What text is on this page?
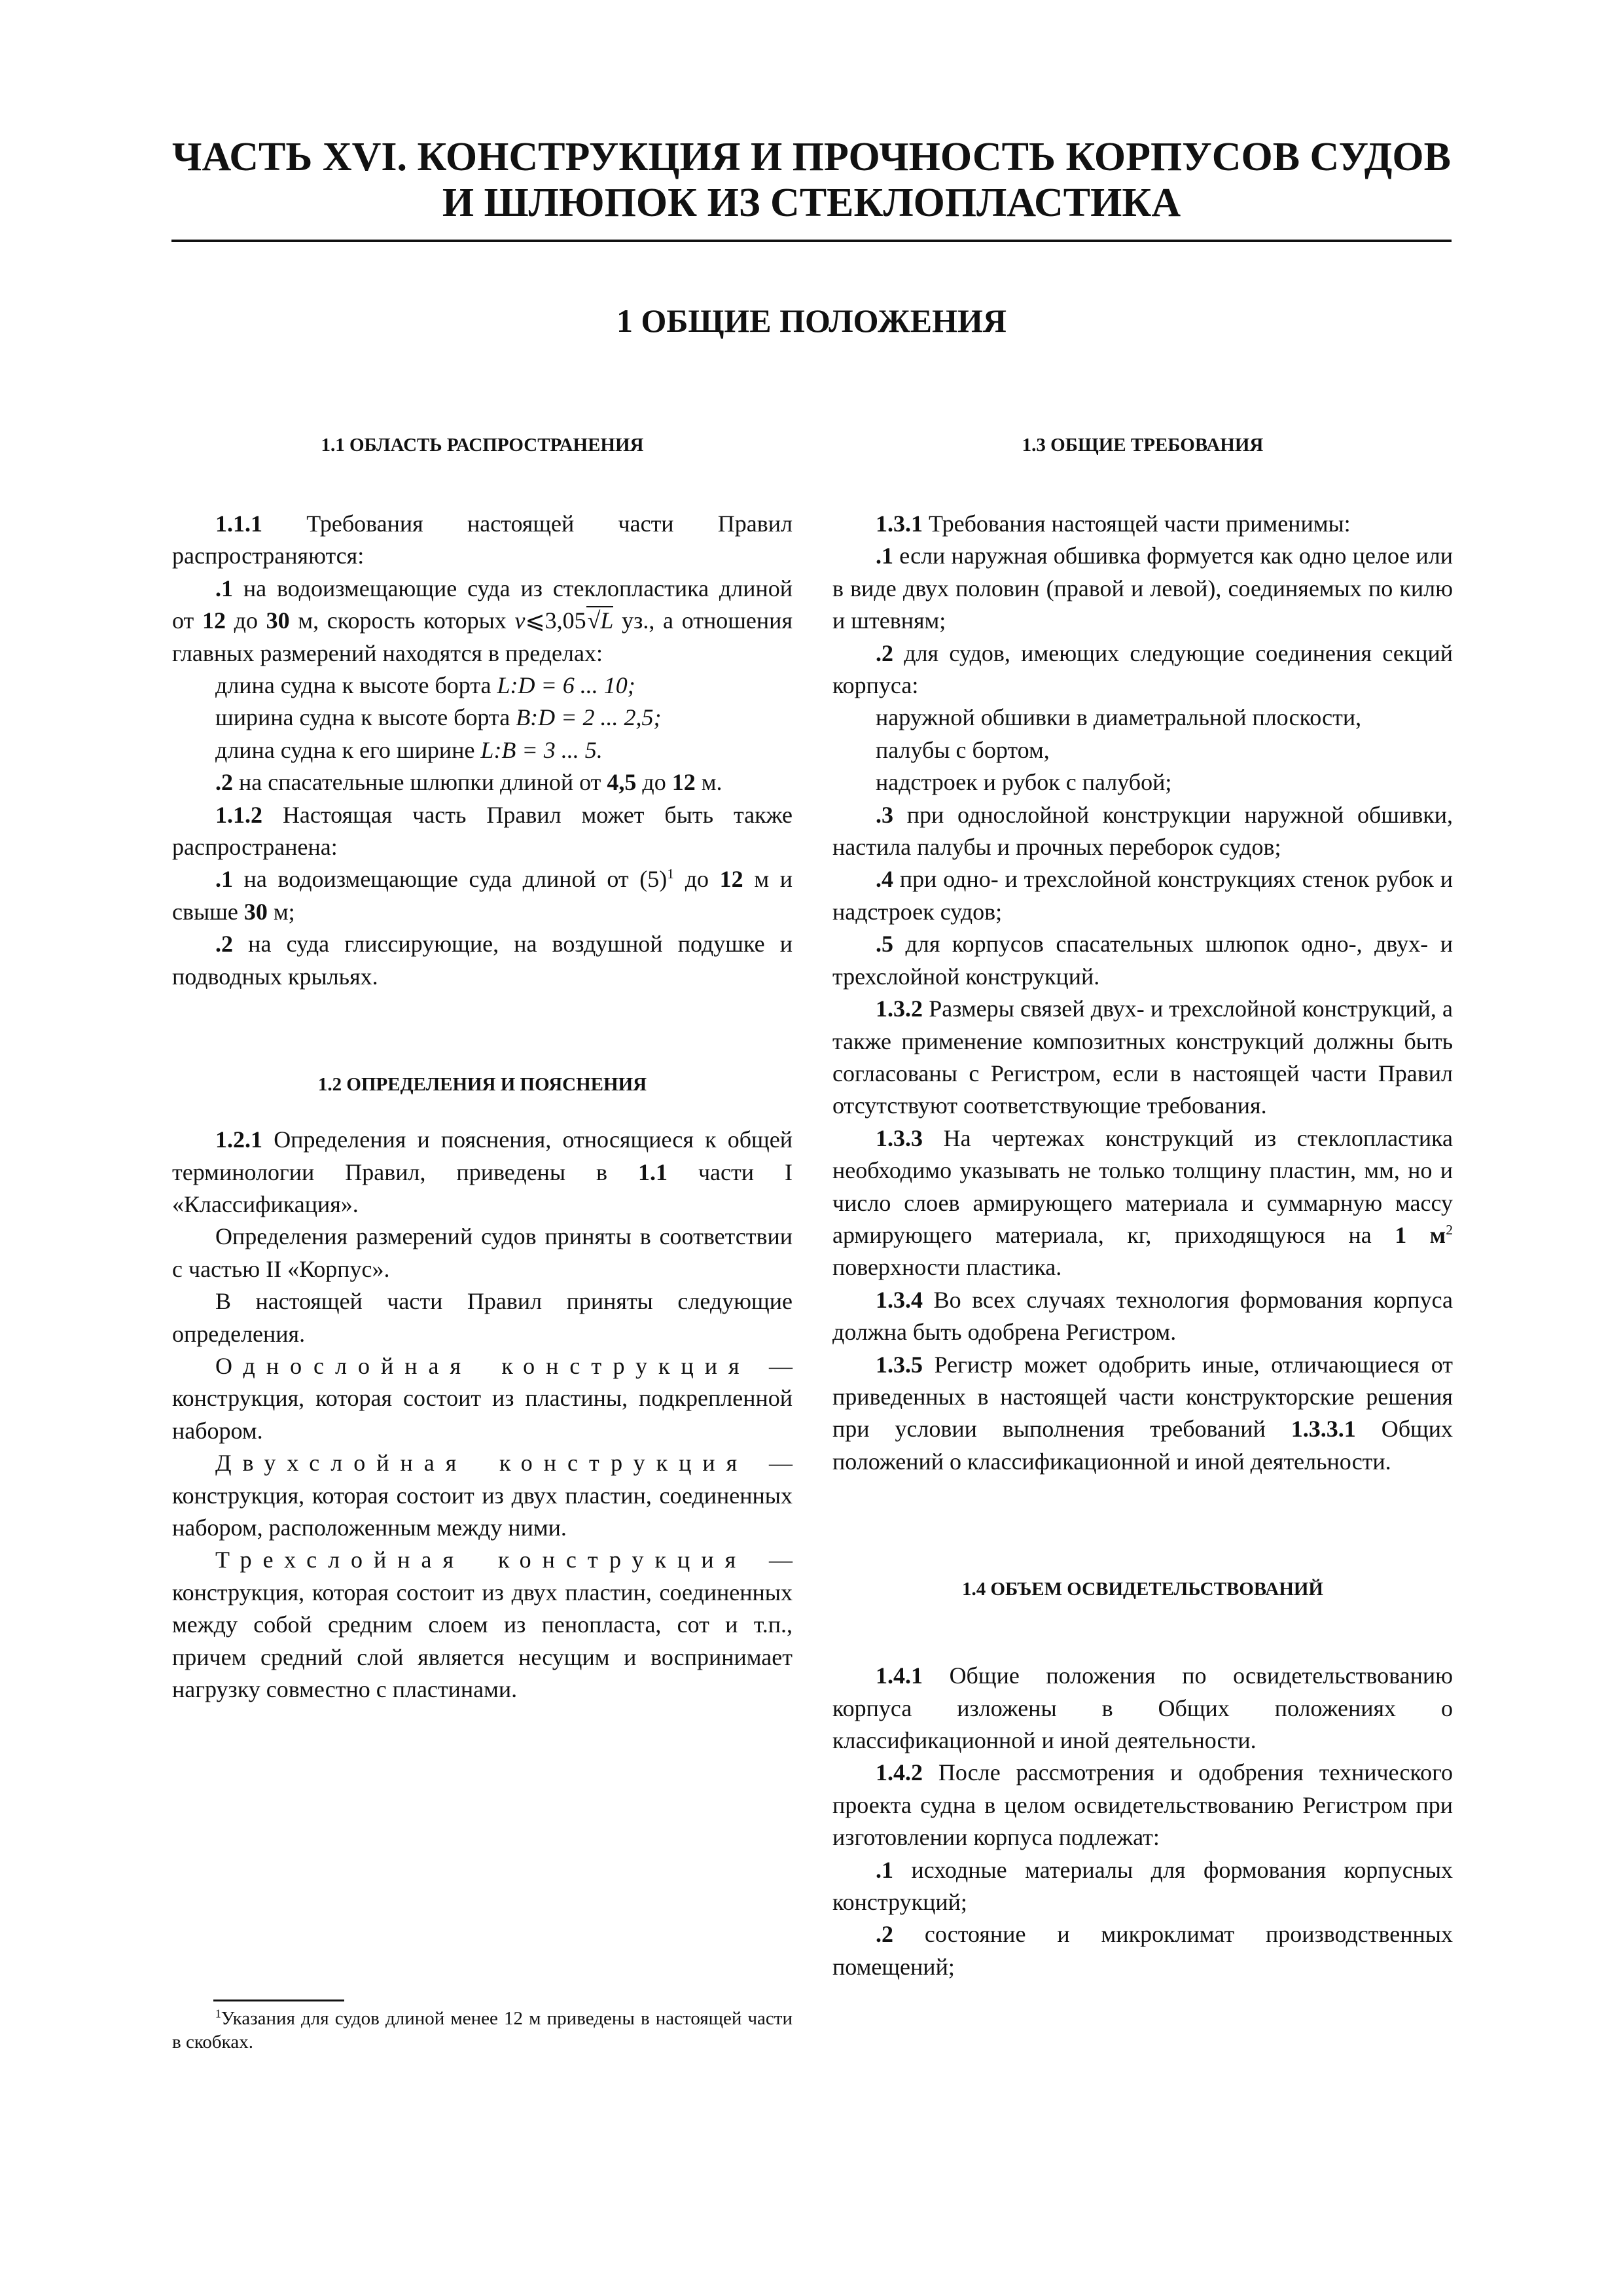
ЧАСТЬ XVI. КОНСТРУКЦИЯ И ПРОЧНОСТЬ КОРПУСОВ СУДОВ
И ШЛЮПОК ИЗ СТЕКЛОПЛАСТИКА
1 ОБЩИЕ ПОЛОЖЕНИЯ
1.1 ОБЛАСТЬ РАСПРОСТРАНЕНИЯ

1.1.1 Требования настоящей части Правил распространяются:

.1 на водоизмещающие суда из стеклопластика длиной от 12 до 30 м, скорость которых v⩽3,05√L уз., а отношения главных размерений находятся в пределах:

длина судна к высоте борта L:D = 6 ... 10;

ширина судна к высоте борта B:D = 2 ... 2,5;

длина судна к его ширине L:B = 3 ... 5.

.2 на спасательные шлюпки длиной от 4,5 до 12 м.

1.1.2 Настоящая часть Правил может быть также распространена:

.1 на водоизмещающие суда длиной от $(5)^1$ до 12 м и свыше 30 м;

.2 на суда глиссирующие, на воздушной подушке и подводных крыльях.

1.2 ОПРЕДЕЛЕНИЯ И ПОЯСНЕНИЯ

1.2.1 Определения и пояснения, относящиеся к общей терминологии Правил, приведены в 1.1 части I «Классификация».

Определения размерений судов приняты в соответствии с частью II «Корпус».

В настоящей части Правил приняты следующие определения.

Однослойная конструкция — конструкция, которая состоит из пластины, подкрепленной набором.

Двухслойная конструкция — конструкция, которая состоит из двух пластин, соединенных набором, расположенным между ними.

Трехслойная конструкция — конструкция, которая состоит из двух пластин, соединенных между собой средним слоем из пенопласта, сот и т.п., причем средний слой является несущим и воспринимает нагрузку совместно с пластинами.

1.3 ОБЩИЕ ТРЕБОВАНИЯ

1.3.1 Требования настоящей части применимы:

.1 если наружная обшивка формуется как одно целое или в виде двух половин (правой и левой), соединяемых по килю и штевням;

.2 для судов, имеющих следующие соединения секций корпуса:

наружной обшивки в диаметральной плоскости,

палубы с бортом,

надстроек и рубок с палубой;

.3 при однослойной конструкции наружной обшивки, настила палубы и прочных переборок судов;

.4 при одно- и трехслойной конструкциях стенок рубок и надстроек судов;

.5 для корпусов спасательных шлюпок одно-, двух- и трехслойной конструкций.

1.3.2 Размеры связей двух- и трехслойной конструкций, а также применение композитных конструкций должны быть согласованы с Регистром, если в настоящей части Правил отсутствуют соответствующие требования.

1.3.3 На чертежах конструкций из стеклопластика необходимо указывать не только толщину пластин, мм, но и число слоев армирующего материала и суммарную массу армирующего материала, кг, приходящуюся на 1 $м^2$ поверхности пластика.

1.3.4 Во всех случаях технология формования корпуса должна быть одобрена Регистром.

1.3.5 Регистр может одобрить иные, отличающиеся от приведенных в настоящей части конструкторские решения при условии выполнения требований 1.3.3.1 Общих положений о классификационной и иной деятельности.

1.4 ОБЪЕМ ОСВИДЕТЕЛЬСТВОВАНИЙ

1.4.1 Общие положения по освидетельствованию корпуса изложены в Общих положениях о классификационной и иной деятельности.

1.4.2 После рассмотрения и одобрения технического проекта судна в целом освидетельствованию Регистром при изготовлении корпуса подлежат:

.1 исходные материалы для формования корпусных конструкций;

.2 состояние и микроклимат производственных помещений;

$^1$Указания для судов длиной менее 12 м приведены в настоящей части в скобках.
